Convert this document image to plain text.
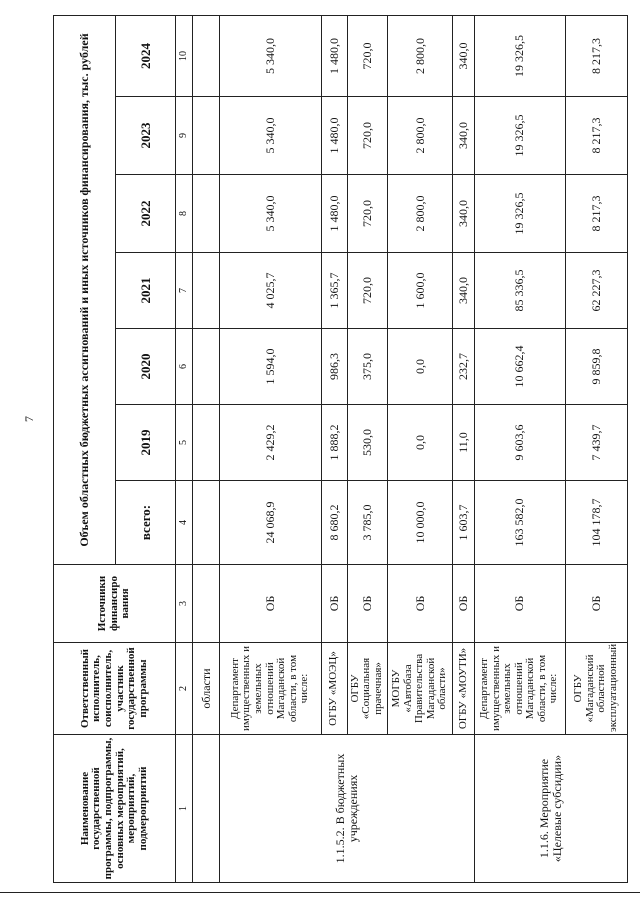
7
Наименование государственной программы, подпрограммы, основных мероприятий, мероприятий, подмероприятий	Ответственный исполнитель, соисполнитель, участник государственной программы	Источники финансиро вания	Объем областных бюджетных ассигнований и иных источников финансирования, тыс. рублей						
			всего:	2019	2020	2021	2022	2023	2024
1	2	3	4	5	6	7	8	9	10
	области								
1.1.5.2. В бюджетных учреждениях	Департамент имущественных и земельных отношений Магаданской области, в том числе:	ОБ	24 068,9	2 429,2	1 594,0	4 025,7	5 340,0	5 340,0	5 340,0
	ОГБУ «МОЭЦ»	ОБ	8 680,2	1 888,2	986,3	1 365,7	1 480,0	1 480,0	1 480,0
	ОГБУ «Социальная прачечная»	ОБ	3 785,0	530,0	375,0	720,0	720,0	720,0	720,0
	МОГБУ «Автобаза Правительства Магаданской области»	ОБ	10 000,0	0,0	0,0	1 600,0	2 800,0	2 800,0	2 800,0
	ОГБУ «МОУТИ»	ОБ	1 603,7	11,0	232,7	340,0	340,0	340,0	340,0
1.1.6. Мероприятие «Целевые субсидии»	Департамент имущественных и земельных отношений Магаданской области, в том числе:	ОБ	163 582,0	9 603,6	10 662,4	85 336,5	19 326,5	19 326,5	19 326,5
	ОГБУ «Магаданский областной эксплуатационный	ОБ	104 178,7	7 439,7	9 859,8	62 227,3	8 217,3	8 217,3	8 217,3
